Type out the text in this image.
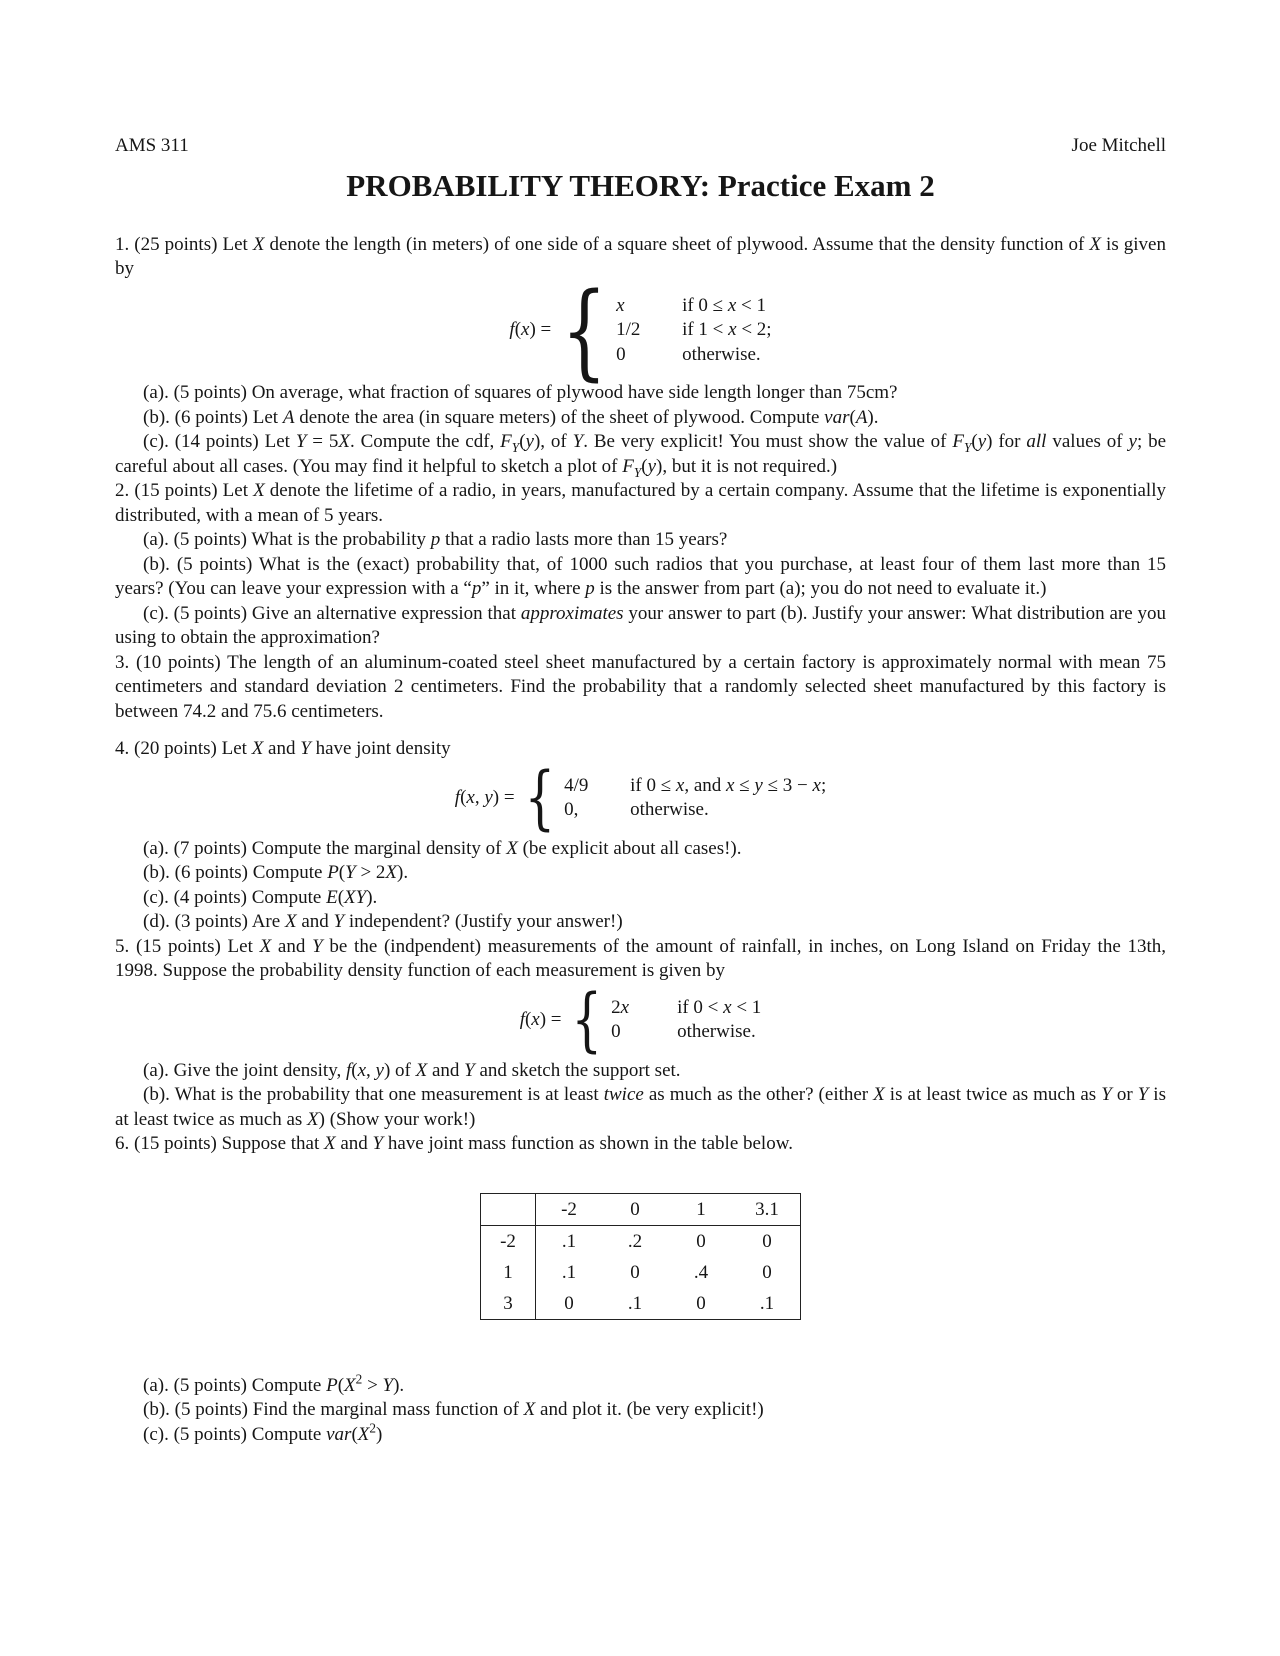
AMS 311	Joe Mitchell
PROBABILITY THEORY: Practice Exam 2

1. (25 points) Let X denote the length (in meters) of one side of a square sheet of plywood. Assume that the density function of X is given by

f(x) = { x	if 0 ≤ x < 1
1/2	if 1 < x < 2;
0	otherwise.

(a). (5 points) On average, what fraction of squares of plywood have side length longer than 75cm?

(b). (6 points) Let A denote the area (in square meters) of the sheet of plywood. Compute var(A).

(c). (14 points) Let Y = 5X. Compute the cdf, $F_Y(y)$, of Y. Be very explicit! You must show the value of $F_Y(y)$ for all values of y; be careful about all cases. (You may find it helpful to sketch a plot of $F_Y(y)$, but it is not required.)

2. (15 points) Let X denote the lifetime of a radio, in years, manufactured by a certain company. Assume that the lifetime is exponentially distributed, with a mean of 5 years.

(a). (5 points) What is the probability p that a radio lasts more than 15 years?

(b). (5 points) What is the (exact) probability that, of 1000 such radios that you purchase, at least four of them last more than 15 years? (You can leave your expression with a “p” in it, where p is the answer from part (a); you do not need to evaluate it.)

(c). (5 points) Give an alternative expression that approximates your answer to part (b). Justify your answer: What distribution are you using to obtain the approximation?

3. (10 points) The length of an aluminum-coated steel sheet manufactured by a certain factory is approximately normal with mean 75 centimeters and standard deviation 2 centimeters. Find the probability that a randomly selected sheet manufactured by this factory is between 74.2 and 75.6 centimeters.

4. (20 points) Let X and Y have joint density

f(x, y) = { 4/9	if 0 ≤ x, and x ≤ y ≤ 3 − x;
0,	otherwise.

(a). (7 points) Compute the marginal density of X (be explicit about all cases!).

(b). (6 points) Compute P(Y > 2X).

(c). (4 points) Compute E(XY).

(d). (3 points) Are X and Y independent? (Justify your answer!)

5. (15 points) Let X and Y be the (indpendent) measurements of the amount of rainfall, in inches, on Long Island on Friday the 13th, 1998. Suppose the probability density function of each measurement is given by

f(x) = { 2x	if 0 < x < 1
0	otherwise.

(a). Give the joint density, f(x, y) of X and Y and sketch the support set.

(b). What is the probability that one measurement is at least twice as much as the other? (either X is at least twice as much as Y or Y is at least twice as much as X) (Show your work!)

6. (15 points) Suppose that X and Y have joint mass function as shown in the table below.

	-2	0	1	3.1
-2	.1	.2	0	0
1	.1	0	.4	0
3	0	.1	0	.1

(a). (5 points) Compute $P(X^2 > Y)$.

(b). (5 points) Find the marginal mass function of X and plot it. (be very explicit!)

(c). (5 points) Compute $var(X^2)$
